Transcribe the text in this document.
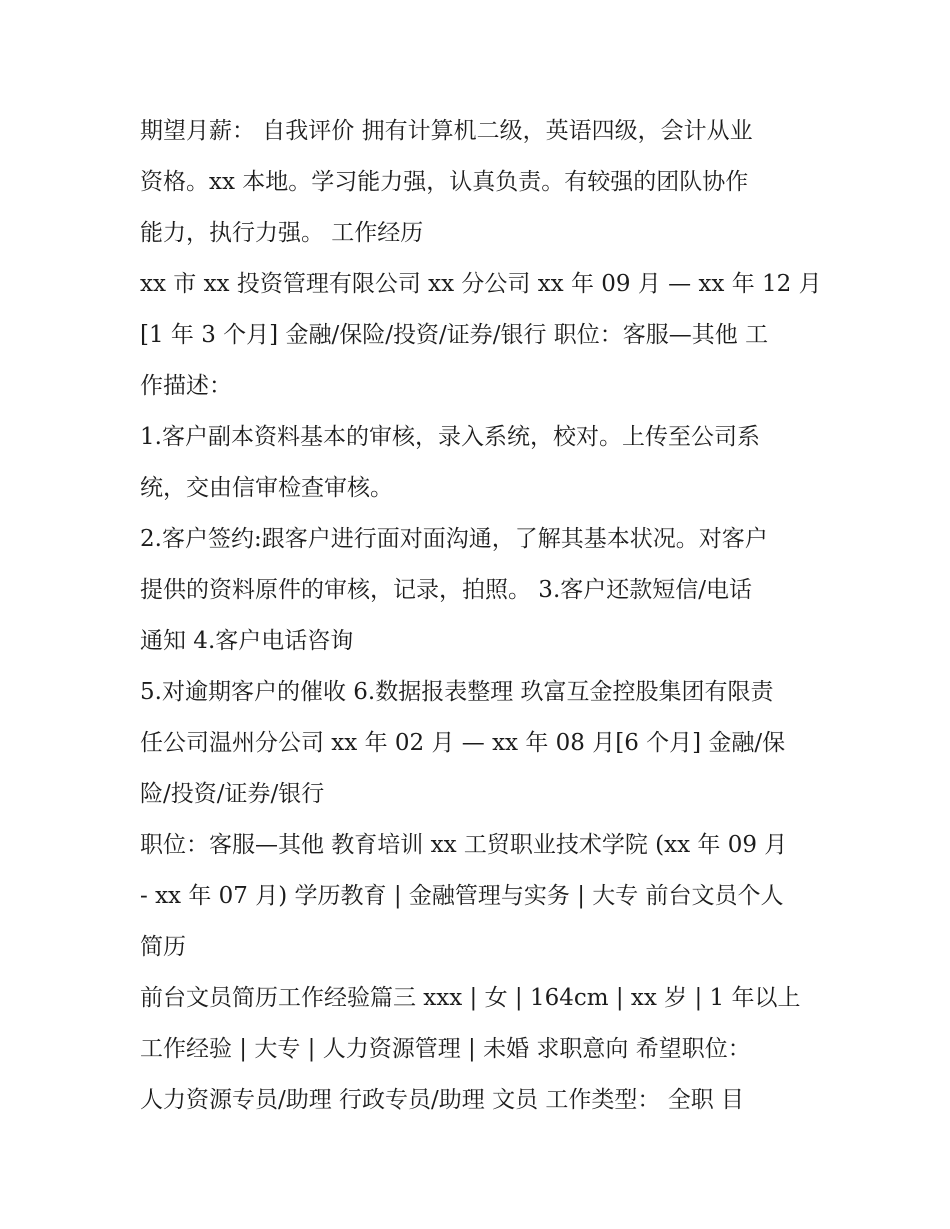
期望月薪： 自我评价 拥有计算机二级，英语四级，会计从业
资格。xx 本地。学习能力强，认真负责。有较强的团队协作
能力，执行力强。 工作经历
xx 市 xx 投资管理有限公司 xx 分公司 xx 年 09 月 — xx 年 12 月
[1 年 3 个月] 金融/保险/投资/证券/银行 职位：客服—其他 工
作描述：
1.客户副本资料基本的审核，录入系统，校对。上传至公司系
统，交由信审检查审核。
2.客户签约:跟客户进行面对面沟通，了解其基本状况。对客户
提供的资料原件的审核，记录，拍照。 3.客户还款短信/电话
通知 4.客户电话咨询
5.对逾期客户的催收 6.数据报表整理 玖富互金控股集团有限责
任公司温州分公司 xx 年 02 月 — xx 年 08 月[6 个月] 金融/保
险/投资/证券/银行
职位：客服—其他 教育培训 xx 工贸职业技术学院 (xx 年 09 月
- xx 年 07 月) 学历教育 | 金融管理与实务 | 大专 前台文员个人
简历
前台文员简历工作经验篇三 xxx | 女 | 164cm | xx 岁 | 1 年以上
工作经验 | 大专 | 人力资源管理 | 未婚 求职意向 希望职位：
人力资源专员/助理 行政专员/助理 文员 工作类型： 全职 目
